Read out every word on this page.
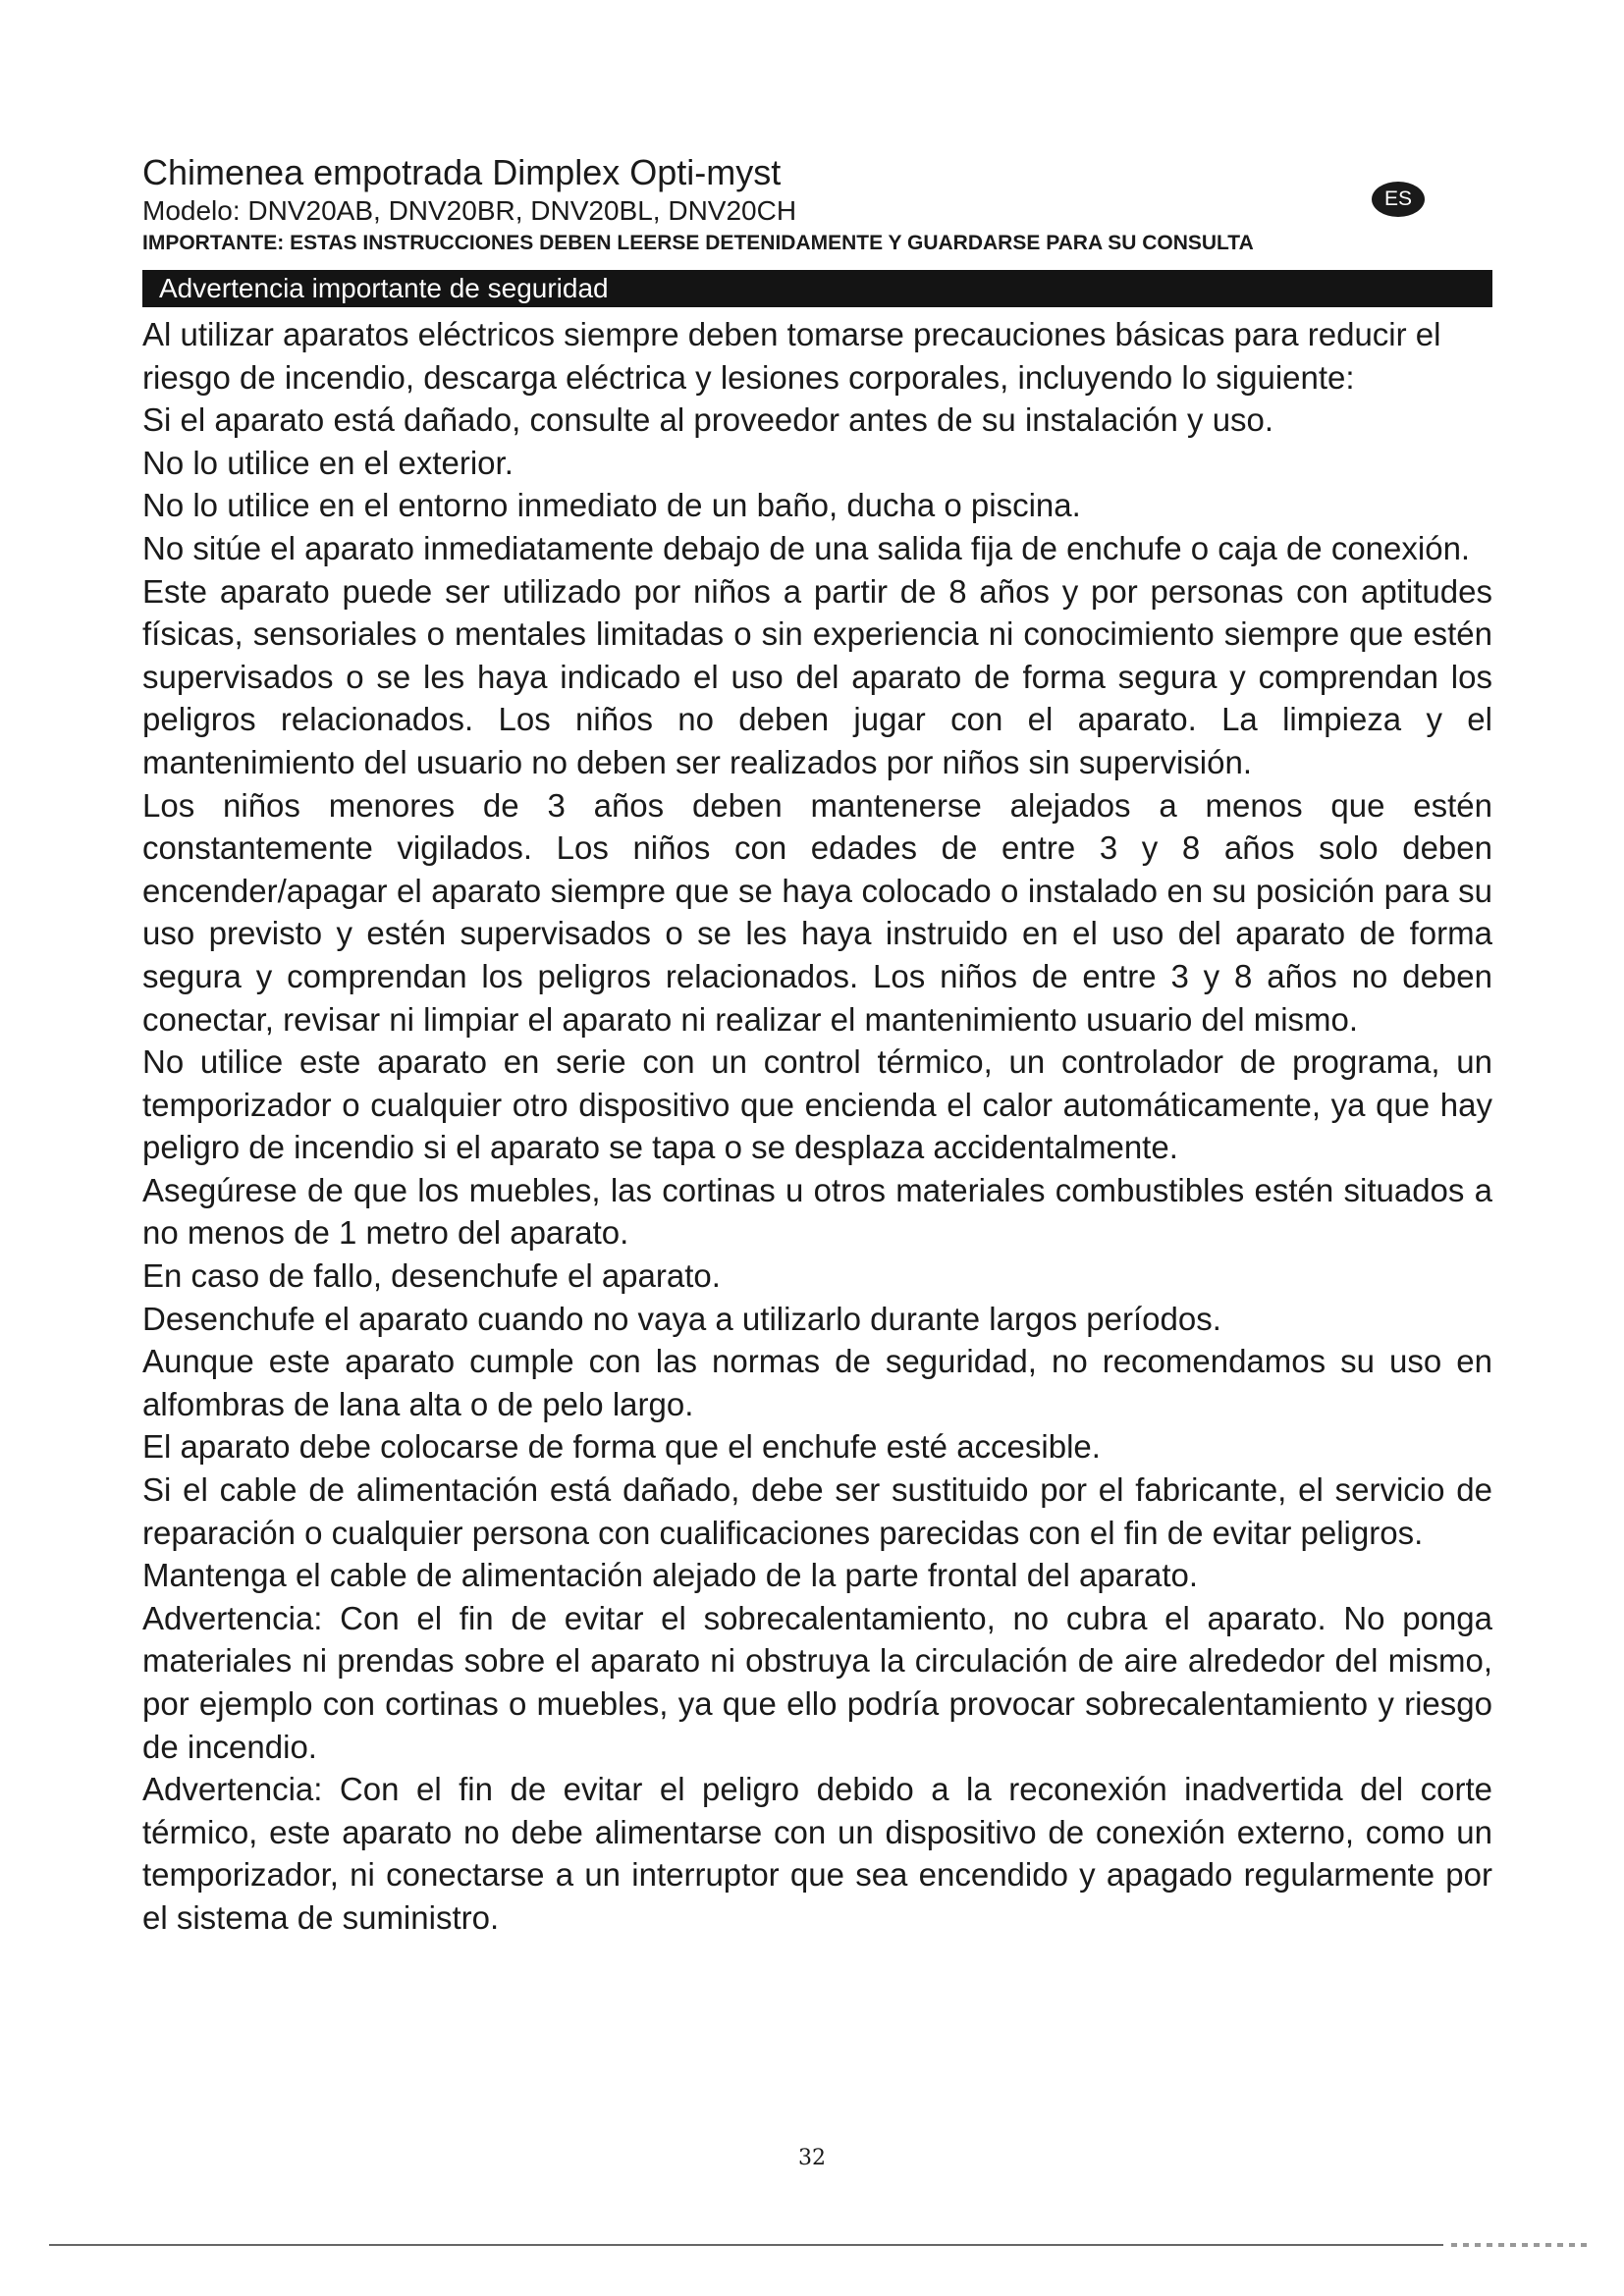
ES
Chimenea empotrada Dimplex Opti-myst
Modelo: DNV20AB, DNV20BR, DNV20BL, DNV20CH
IMPORTANTE: ESTAS INSTRUCCIONES DEBEN LEERSE DETENIDAMENTE Y GUARDARSE PARA SU CONSULTA
Advertencia importante de seguridad

Al utilizar aparatos eléctricos siempre deben tomarse precauciones básicas para reducir el riesgo de incendio, descarga eléctrica y lesiones corporales, incluyendo lo siguiente:

Si el aparato está dañado, consulte al proveedor antes de su instalación y uso.

No lo utilice en el exterior.

No lo utilice en el entorno inmediato de un baño, ducha o piscina.

No sitúe el aparato inmediatamente debajo de una salida fija de enchufe o caja de conexión.

Este aparato puede ser utilizado por niños a partir de 8 años y por personas con aptitudes físicas, sensoriales o mentales limitadas o sin experiencia ni conocimiento siempre que estén supervisados o se les haya indicado el uso del aparato de forma segura y comprendan los peligros relacionados. Los niños no deben jugar con el aparato. La limpieza y el mantenimiento del usuario no deben ser realizados por niños sin supervisión.

Los niños menores de 3 años deben mantenerse alejados a menos que estén constantemente vigilados. Los niños con edades de entre 3 y 8 años solo deben encender/apagar el aparato siempre que se haya colocado o instalado en su posición para su uso previsto y estén supervisados o se les haya instruido en el uso del aparato de forma segura y comprendan los peligros relacionados. Los niños de entre 3 y 8 años no deben conectar, revisar ni limpiar el aparato ni realizar el mantenimiento usuario del mismo.

No utilice este aparato en serie con un control térmico, un controlador de programa, un temporizador o cualquier otro dispositivo que encienda el calor automáticamente, ya que hay peligro de incendio si el aparato se tapa o se desplaza accidentalmente.

Asegúrese de que los muebles, las cortinas u otros materiales combustibles estén situados a no menos de 1 metro del aparato.

En caso de fallo, desenchufe el aparato.

Desenchufe el aparato cuando no vaya a utilizarlo durante largos períodos.

Aunque este aparato cumple con las normas de seguridad, no recomendamos su uso en alfombras de lana alta o de pelo largo.

El aparato debe colocarse de forma que el enchufe esté accesible.

Si el cable de alimentación está dañado, debe ser sustituido por el fabricante, el servicio de reparación o cualquier persona con cualificaciones parecidas con el fin de evitar peligros.

Mantenga el cable de alimentación alejado de la parte frontal del aparato.

Advertencia: Con el fin de evitar el sobrecalentamiento, no cubra el aparato. No ponga materiales ni prendas sobre el aparato ni obstruya la circulación de aire alrededor del mismo, por ejemplo con cortinas o muebles, ya que ello podría provocar sobrecalentamiento y riesgo de incendio.

Advertencia: Con el fin de evitar el peligro debido a la reconexión inadvertida del corte térmico, este aparato no debe alimentarse con un dispositivo de conexión externo, como un temporizador, ni conectarse a un interruptor que sea encendido y apagado regularmente por el sistema de suministro.

32
